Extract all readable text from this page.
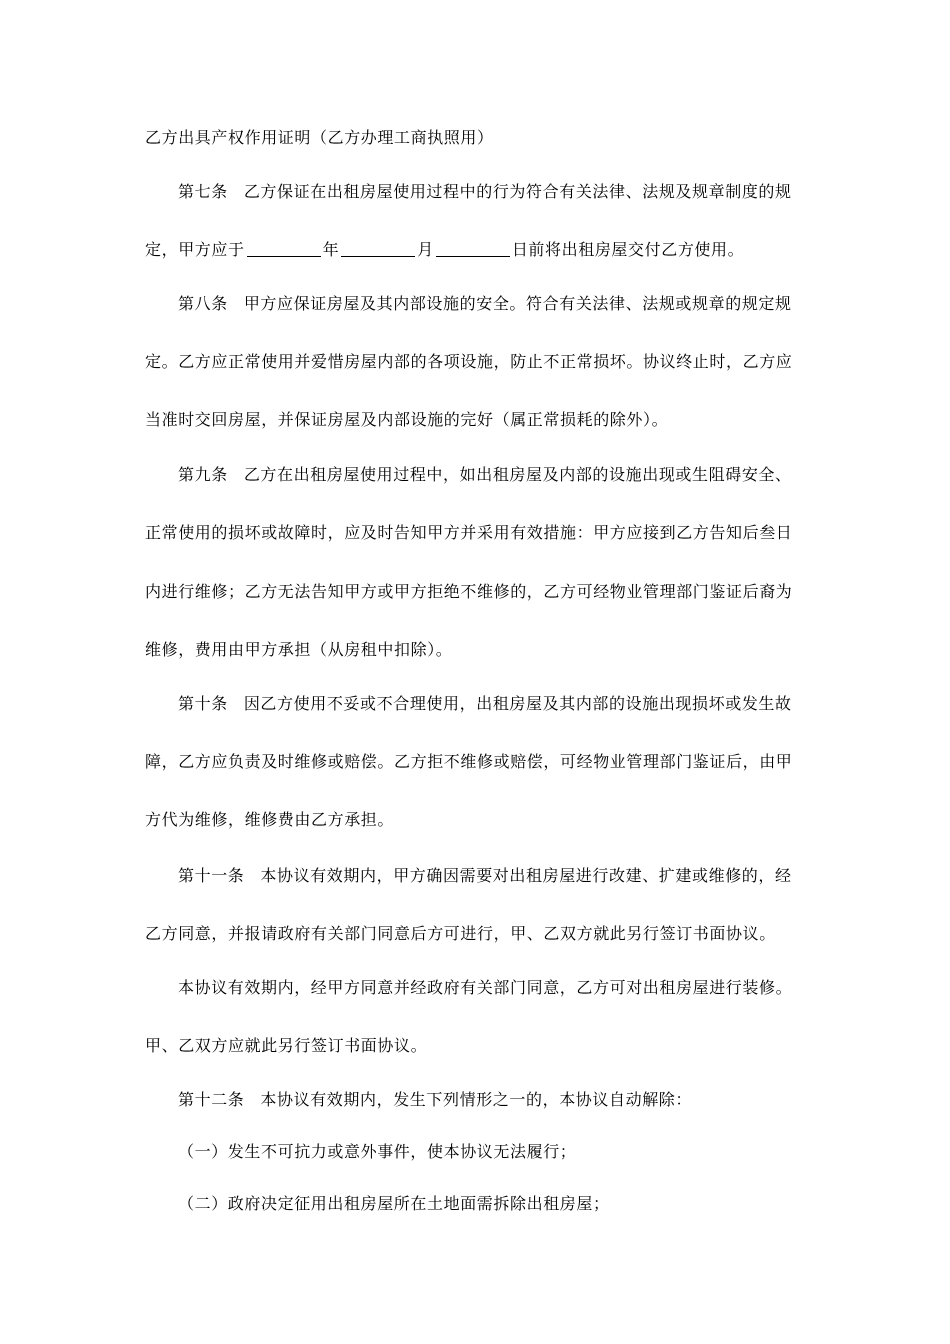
乙方出具产权作用证明（乙方办理工商执照用）
第七条 乙方保证在出租房屋使用过程中的行为符合有关法律、法规及规章制度的规
定，甲方应于	年	月	日前将出租房屋交付乙方使用。
第八条 甲方应保证房屋及其内部设施的安全。符合有关法律、法规或规章的规定规
定。乙方应正常使用并爱惜房屋内部的各项设施，防止不正常损坏。协议终止时，乙方应
当准时交回房屋，并保证房屋及内部设施的完好（属正常损耗的除外）。
第九条 乙方在出租房屋使用过程中，如出租房屋及内部的设施出现或生阻碍安全、
正常使用的损坏或故障时，应及时告知甲方并采用有效措施：甲方应接到乙方告知后叁日
内进行维修；乙方无法告知甲方或甲方拒绝不维修的，乙方可经物业管理部门鉴证后裔为
维修，费用由甲方承担（从房租中扣除）。
第十条 因乙方使用不妥或不合理使用，出租房屋及其内部的设施出现损坏或发生故
障，乙方应负责及时维修或赔偿。乙方拒不维修或赔偿，可经物业管理部门鉴证后，由甲
方代为维修，维修费由乙方承担。
第十一条 本协议有效期内，甲方确因需要对出租房屋进行改建、扩建或维修的，经
乙方同意，并报请政府有关部门同意后方可进行，甲、乙双方就此另行签订书面协议。
本协议有效期内，经甲方同意并经政府有关部门同意，乙方可对出租房屋进行装修。
甲、乙双方应就此另行签订书面协议。
第十二条 本协议有效期内，发生下列情形之一的，本协议自动解除：
（一）发生不可抗力或意外事件，使本协议无法履行；
（二）政府决定征用出租房屋所在土地面需拆除出租房屋；
